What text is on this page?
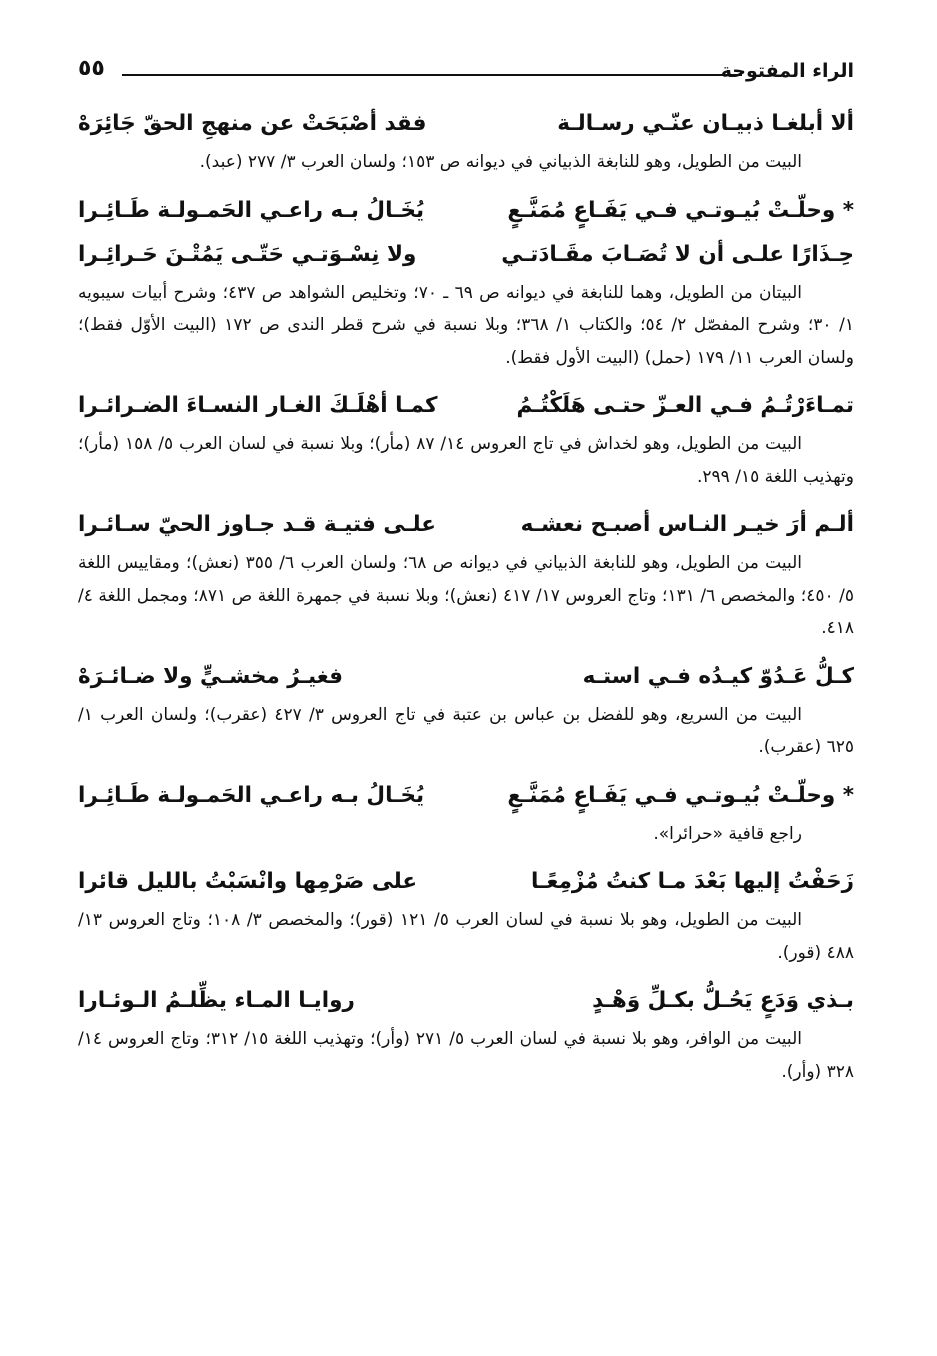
الراء المفتوحة
٥٥
ألا أبلغـا ذبيـان عنّـي رسـالـة
فقد أصْبَحَتْ عن منهجِ الحقّ جَائِرَهْ

البيت من الطويل، وهو للنابغة الذبياني في ديوانه ص ١٥٣؛ ولسان العرب ٣/ ٢٧٧ (عبد).

* وحلّـتْ بُيـوتـي فـي يَفَـاعٍ مُمَنَّـعٍ
يُخَـالُ بـه راعـي الحَمـولـة طَـائِـرا
حِـذَارًا علـى أن لا تُصَـابَ مقَـادَتـي
ولا نِسْـوَتـي حَتّـى يَمُتْـنَ حَـرائِـرا

البيتان من الطويل، وهما للنابغة في ديوانه ص ٦٩ ـ ٧٠؛ وتخليص الشواهد ص ٤٣٧؛ وشرح أبيات سيبويه ١/ ٣٠؛ وشرح المفصّل ٢/ ٥٤؛ والكتاب ١/ ٣٦٨؛ وبلا نسبة في شرح قطر الندى ص ١٧٢ (البيت الأوّل فقط)؛ ولسان العرب ١١/ ١٧٩ (حمل) (البيت الأول فقط).

تمـاءَرْتُـمُ فـي العـزّ حتـى هَلَكْتُـمُ
كمـا أهْلَـكَ الغـار النسـاءَ الضـرائـرا

البيت من الطويل، وهو لخداش في تاج العروس ١٤/ ٨٧ (مأر)؛ وبلا نسبة في لسان العرب ٥/ ١٥٨ (مأر)؛ وتهذيب اللغة ١٥/ ٢٩٩.

ألـم أرَ خيـر النـاس أصبـح نعشـه
علـى فتيـة قـد جـاوز الحيّ سـائـرا

البيت من الطويل، وهو للنابغة الذبياني في ديوانه ص ٦٨؛ ولسان العرب ٦/ ٣٥٥ (نعش)؛ ومقاييس اللغة ٥/ ٤٥٠؛ والمخصص ٦/ ١٣١؛ وتاج العروس ١٧/ ٤١٧ (نعش)؛ وبلا نسبة في جمهرة اللغة ص ٨٧١؛ ومجمل اللغة ٤/ ٤١٨.

كـلُّ عَـدُوّ كيـدُه فـي استـه
فغيـرُ مخشـيٍّ ولا ضـائـرَهْ

البيت من السريع، وهو للفضل بن عباس بن عتبة في تاج العروس ٣/ ٤٢٧ (عقرب)؛ ولسان العرب ١/ ٦٢٥ (عقرب).

* وحلّـتْ بُيـوتـي فـي يَفَـاعٍ مُمَنَّـعٍ
يُخَـالُ بـه راعـي الحَمـولـة طَـائِـرا

راجع قافية «حرائرا».

زَحَفْتُ إليها بَعْدَ مـا كنتُ مُزْمِعًـا
على صَرْمِها وانْسَبْتُ بالليل قائرا

البيت من الطويل، وهو بلا نسبة في لسان العرب ٥/ ١٢١ (قور)؛ والمخصص ٣/ ١٠٨؛ وتاج العروس ١٣/ ٤٨٨ (قور).

بـذي وَدَعٍ يَحُـلُّ بكـلِّ وَهْـدٍ
روايـا المـاء يظِّلـمُ الـوئـارا

البيت من الوافر، وهو بلا نسبة في لسان العرب ٥/ ٢٧١ (وأر)؛ وتهذيب اللغة ١٥/ ٣١٢؛ وتاج العروس ١٤/ ٣٢٨ (وأر).
